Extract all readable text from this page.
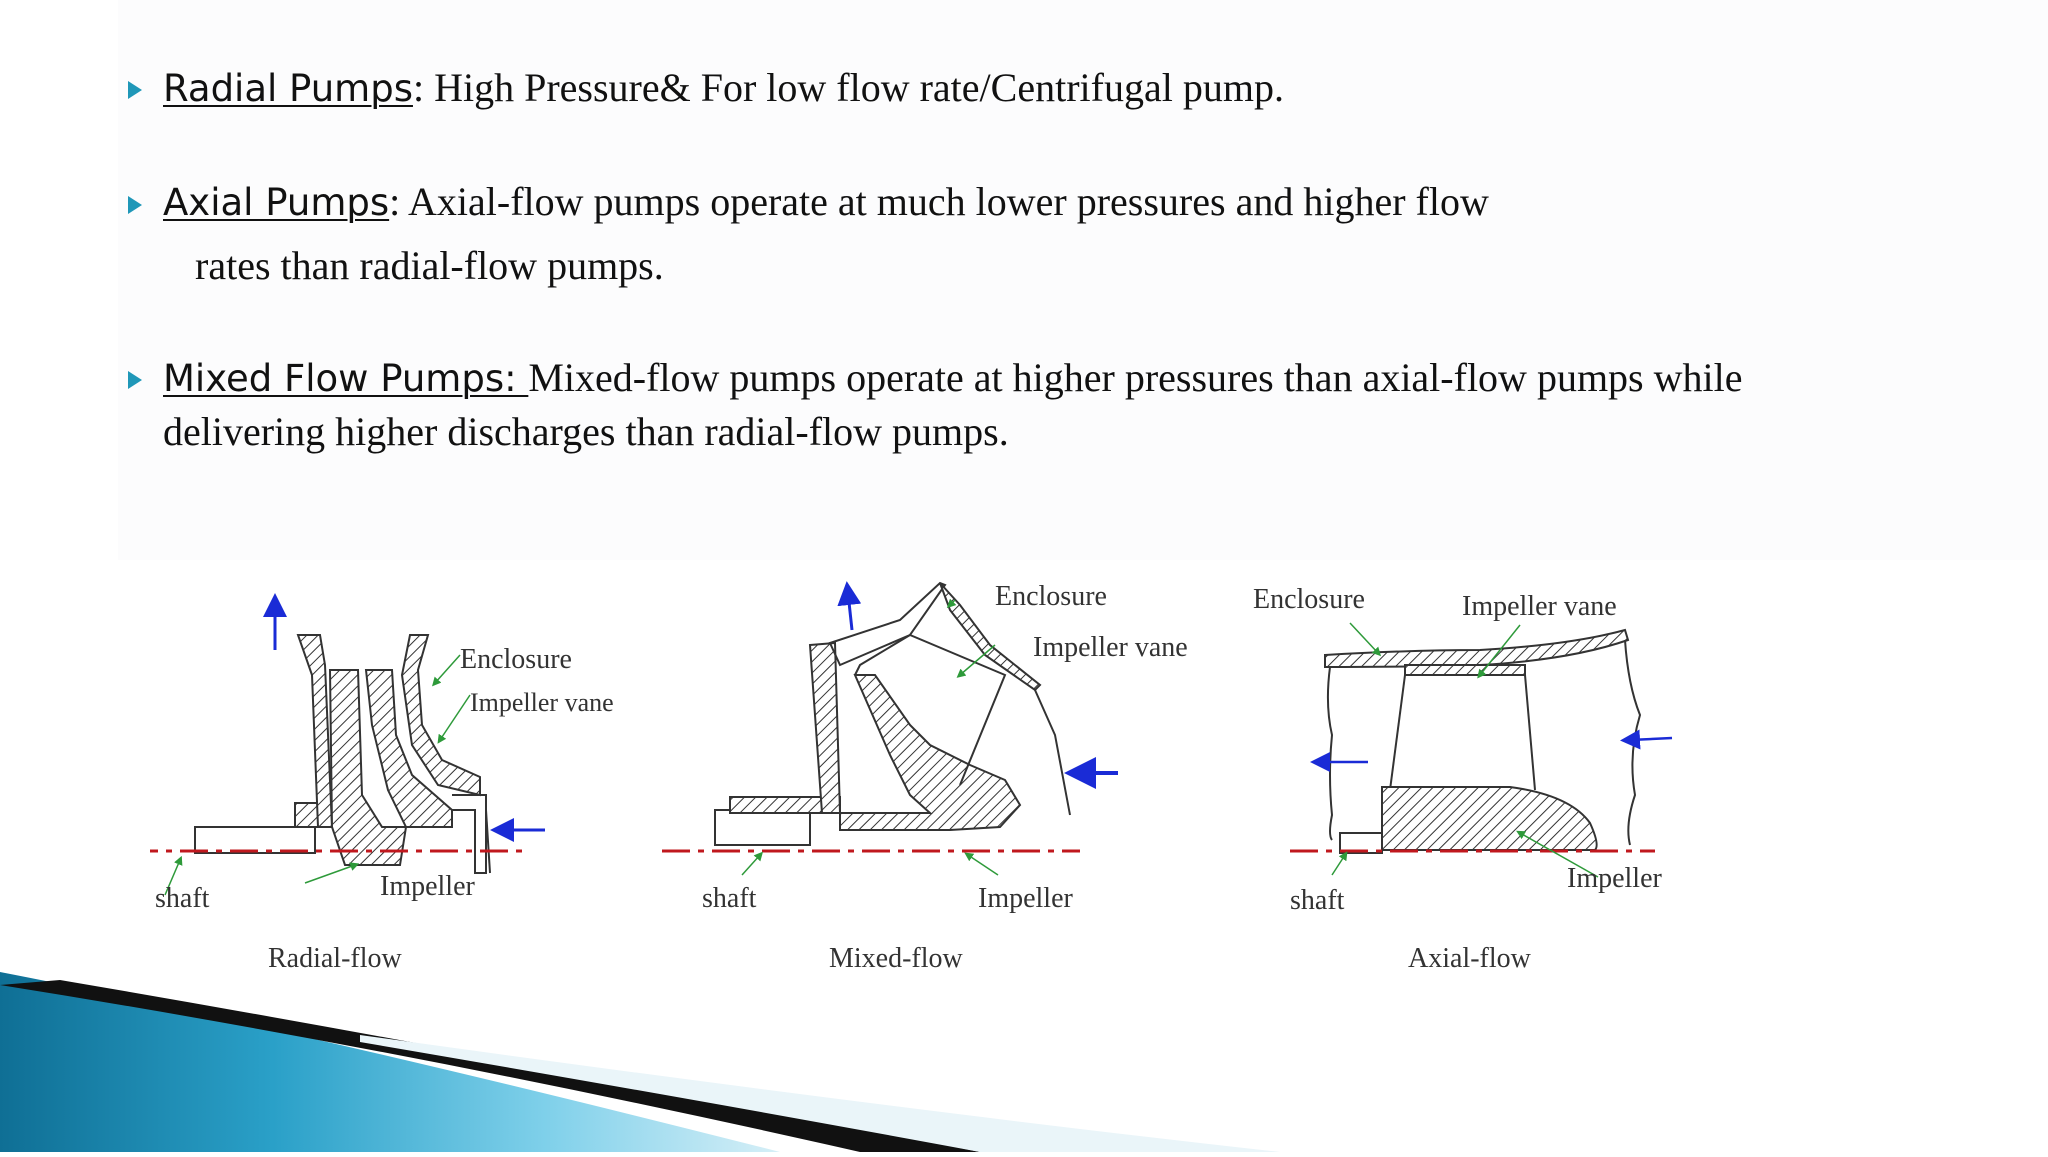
Radial Pumps: High Pressure& For low flow rate/Centrifugal pump.
Axial Pumps: Axial-flow pumps operate at much lower pressures and higher flow
rates than radial-flow pumps.
Mixed Flow Pumps: Mixed-flow pumps operate at higher pressures than axial-flow pumps while
delivering higher discharges than radial-flow pumps.
Enclosure
Impeller vane
Impeller
shaft
Radial-flow
Enclosure
Impeller vane
Impeller
shaft
Mixed-flow
Enclosure	Impeller vane
Impeller
shaft
Axial-flow
